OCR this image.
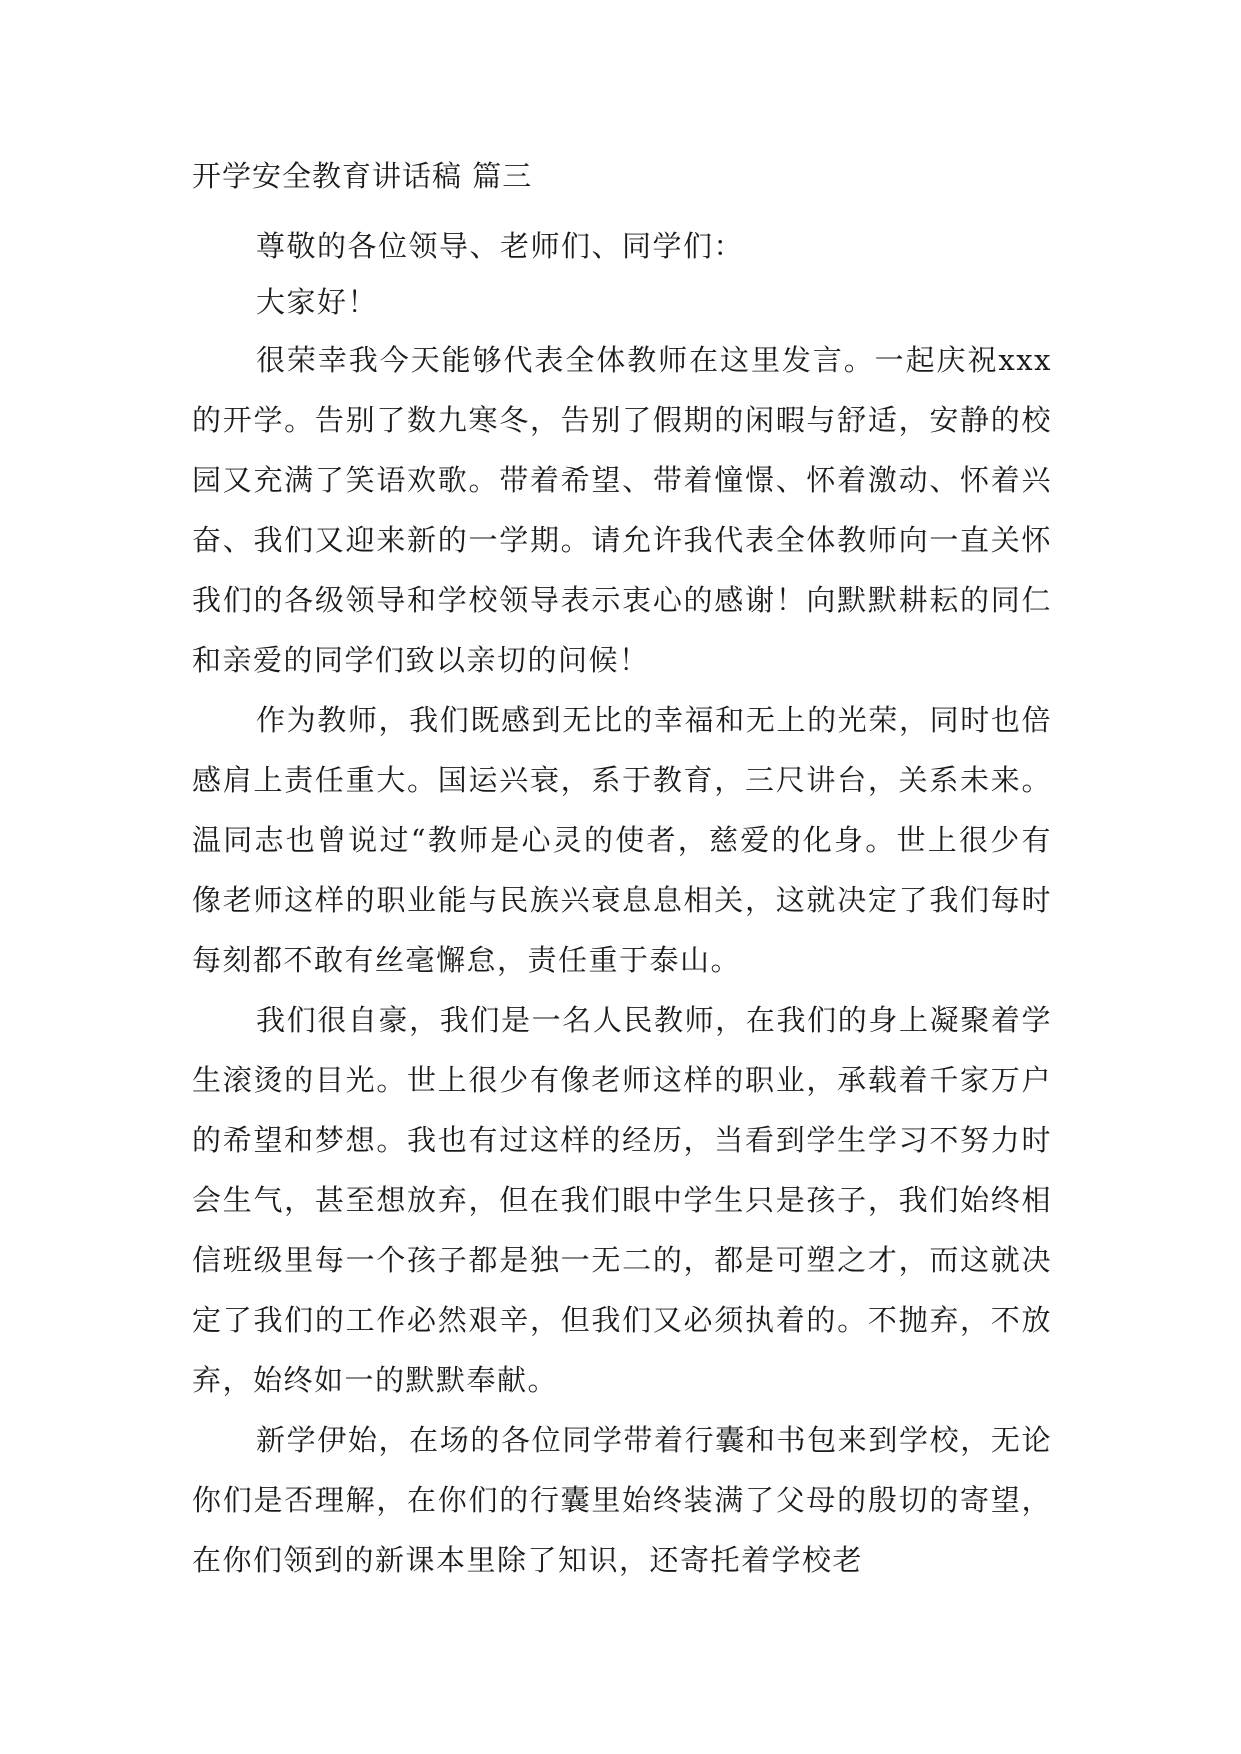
开学安全教育讲话稿 篇三

尊敬的各位领导、老师们、同学们：

大家好！

很荣幸我今天能够代表全体教师在这里发言。一起庆祝xxx的开学。告别了数九寒冬，告别了假期的闲暇与舒适，安静的校园又充满了笑语欢歌。带着希望、带着憧憬、怀着激动、怀着兴奋、我们又迎来新的一学期。请允许我代表全体教师向一直关怀我们的各级领导和学校领导表示衷心的感谢！向默默耕耘的同仁和亲爱的同学们致以亲切的问候！

作为教师，我们既感到无比的幸福和无上的光荣，同时也倍感肩上责任重大。国运兴衰，系于教育，三尺讲台，关系未来。温同志也曾说过“教师是心灵的使者，慈爱的化身。世上很少有像老师这样的职业能与民族兴衰息息相关，这就决定了我们每时每刻都不敢有丝毫懈怠，责任重于泰山。

我们很自豪，我们是一名人民教师，在我们的身上凝聚着学生滚烫的目光。世上很少有像老师这样的职业，承载着千家万户的希望和梦想。我也有过这样的经历，当看到学生学习不努力时会生气，甚至想放弃，但在我们眼中学生只是孩子，我们始终相信班级里每一个孩子都是独一无二的，都是可塑之才，而这就决定了我们的工作必然艰辛，但我们又必须执着的。不抛弃，不放弃，始终如一的默默奉献。

新学伊始，在场的各位同学带着行囊和书包来到学校，无论你们是否理解，在你们的行囊里始终装满了父母的殷切的寄望，在你们领到的新课本里除了知识，还寄托着学校老
